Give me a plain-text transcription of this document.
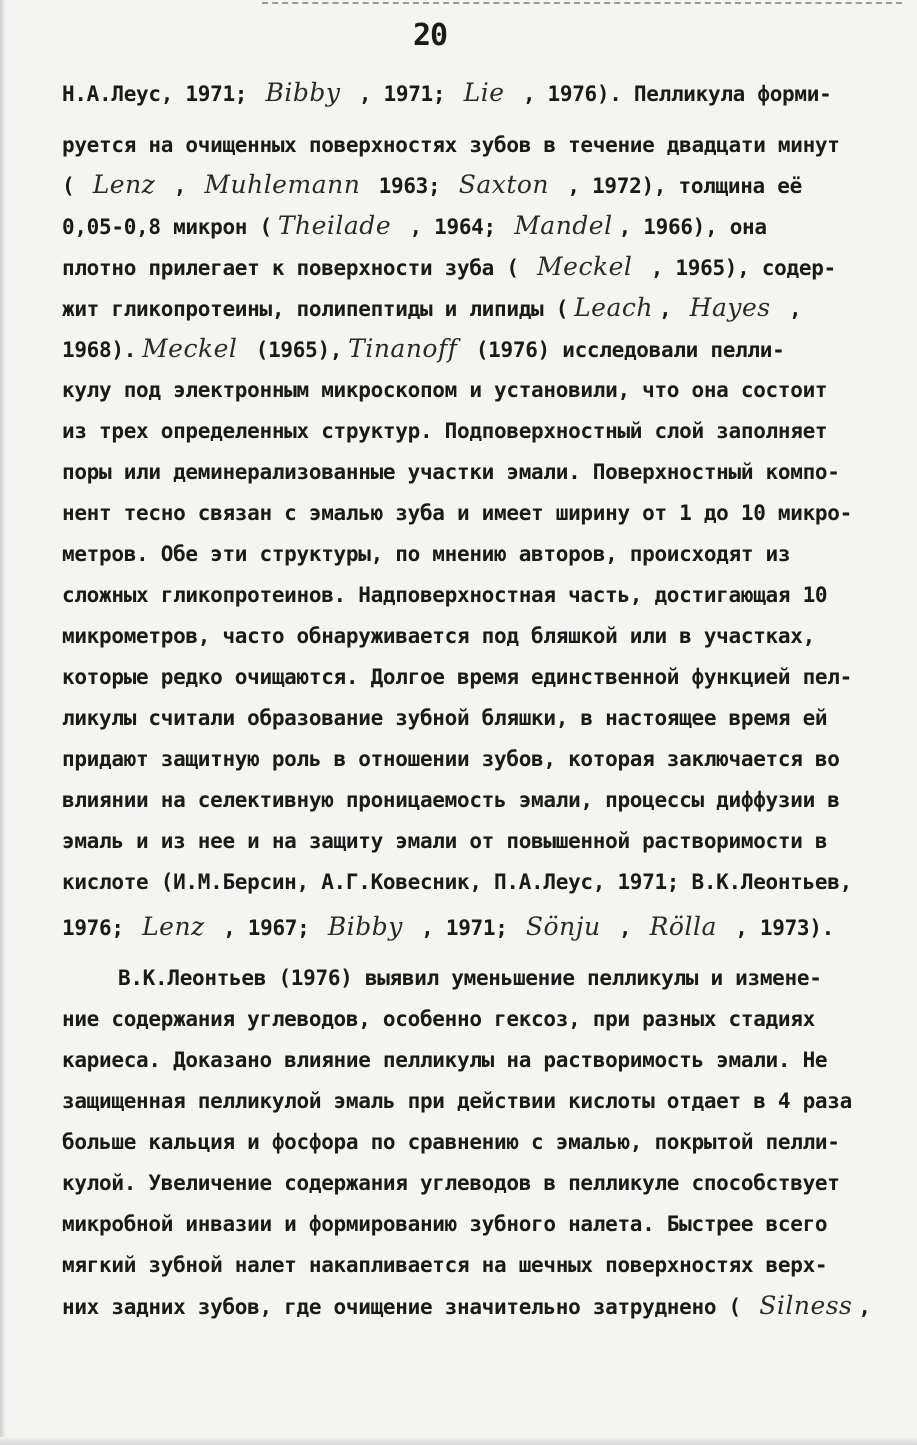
20
Н.А.Леус, 1971; Bibby , 1971; Lie , 1976). Пелликула форми-
руется на очищенных поверхностях зубов в течение двадцати минут
( Lenz , Muhlemann 1963; Saxton , 1972), толщина её
0,05-0,8 микрон ( Theilade , 1964; Mandel , 1966), она
плотно прилегает к поверхности зуба ( Meckel , 1965), содер-
жит гликопротеины, полипептиды и липиды ( Leach , Hayes ,
1968). Meckel (1965), Tinanoff (1976) исследовали пелли-
кулу под электронным микроскопом и установили, что она состоит
из трех определенных структур. Подповерхностный слой заполняет
поры или деминерализованные участки эмали. Поверхностный компо-
нент тесно связан с эмалью зуба и имеет ширину от 1 до 10 микро-
метров. Обе эти структуры, по мнению авторов, происходят из
сложных гликопротеинов. Надповерхностная часть, достигающая 10
микрометров, часто обнаруживается под бляшкой или в участках,
которые редко очищаются. Долгое время единственной функцией пел-
ликулы считали образование зубной бляшки, в настоящее время ей
придают защитную роль в отношении зубов, которая заключается во
влиянии на селективную проницаемость эмали, процессы диффузии в
эмаль и из нее и на защиту эмали от повышенной растворимости в
кислоте (И.М.Берсин, А.Г.Ковесник, П.А.Леус, 1971; В.К.Леонтьев,
1976; Lenz , 1967; Bibby , 1971; Sönju , Rölla , 1973).
В.К.Леонтьев (1976) выявил уменьшение пелликулы и измене-
ние содержания углеводов, особенно гексоз, при разных стадиях
кариеса. Доказано влияние пелликулы на растворимость эмали. Не
защищенная пелликулой эмаль при действии кислоты отдает в 4 раза
больше кальция и фосфора по сравнению с эмалью, покрытой пелли-
кулой. Увеличение содержания углеводов в пелликуле способствует
микробной инвазии и формированию зубного налета. Быстрее всего
мягкий зубной налет накапливается на шечных поверхностях верх-
них задних зубов, где очищение значительно затруднено ( Silness ,
